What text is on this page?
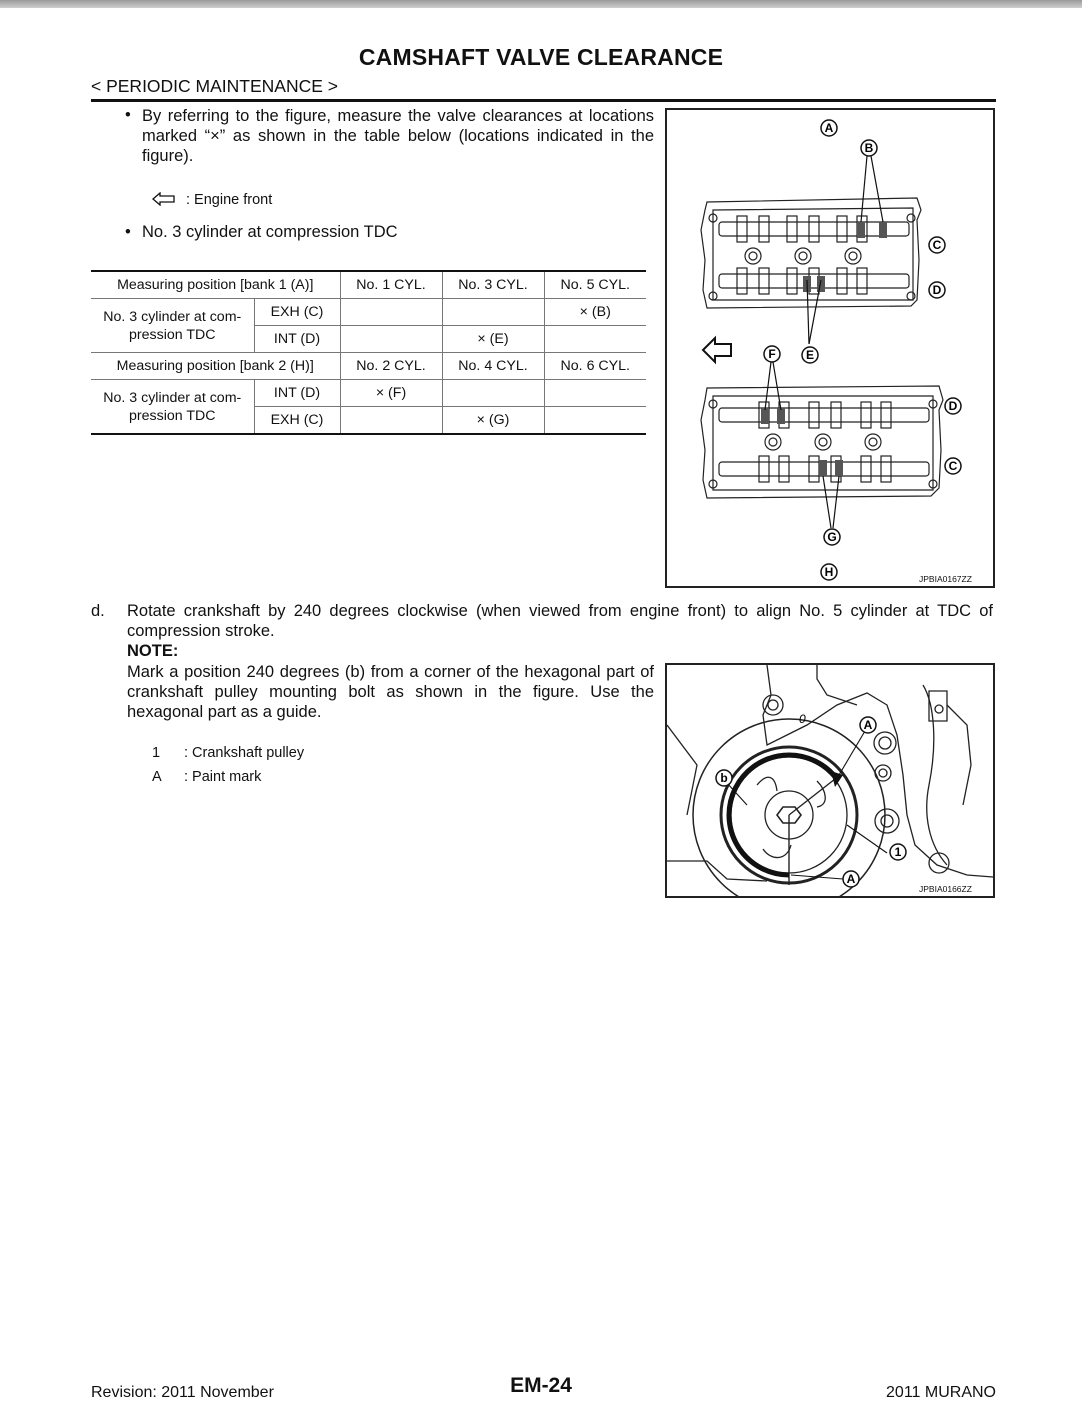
CAMSHAFT VALVE CLEARANCE
< PERIODIC MAINTENANCE >
• By referring to the figure, measure the valve clearances at locations marked “×” as shown in the table below (locations indicated in the figure).
: Engine front
• No. 3 cylinder at compression TDC
Measuring position [bank 1 (A)]		No. 1 CYL.	No. 3 CYL.	No. 5 CYL.
No. 3 cylinder at com-pression TDC	EXH (C)			× (B)
	INT (D)		× (E)	
Measuring position [bank 2 (H)]		No. 2 CYL.	No. 4 CYL.	No. 6 CYL.
No. 3 cylinder at com-pression TDC	INT (D)	× (F)		
	EXH (C)		× (G)	
A
B
C
D
F	E
D
C
G
H	JPBIA0167ZZ
d. Rotate crankshaft by 240 degrees clockwise (when viewed from engine front) to align No. 5 cylinder at TDC of compression stroke.
NOTE:
Mark a position 240 degrees (b) from a corner of the hexagonal part of crankshaft pulley mounting bolt as shown in the figure. Use the hexagonal part as a guide.
1 : Crankshaft pulley
A : Paint mark
0	A
b
1
A
JPBIA0166ZZ
Revision: 2011 November	EM-24	2011 MURANO
